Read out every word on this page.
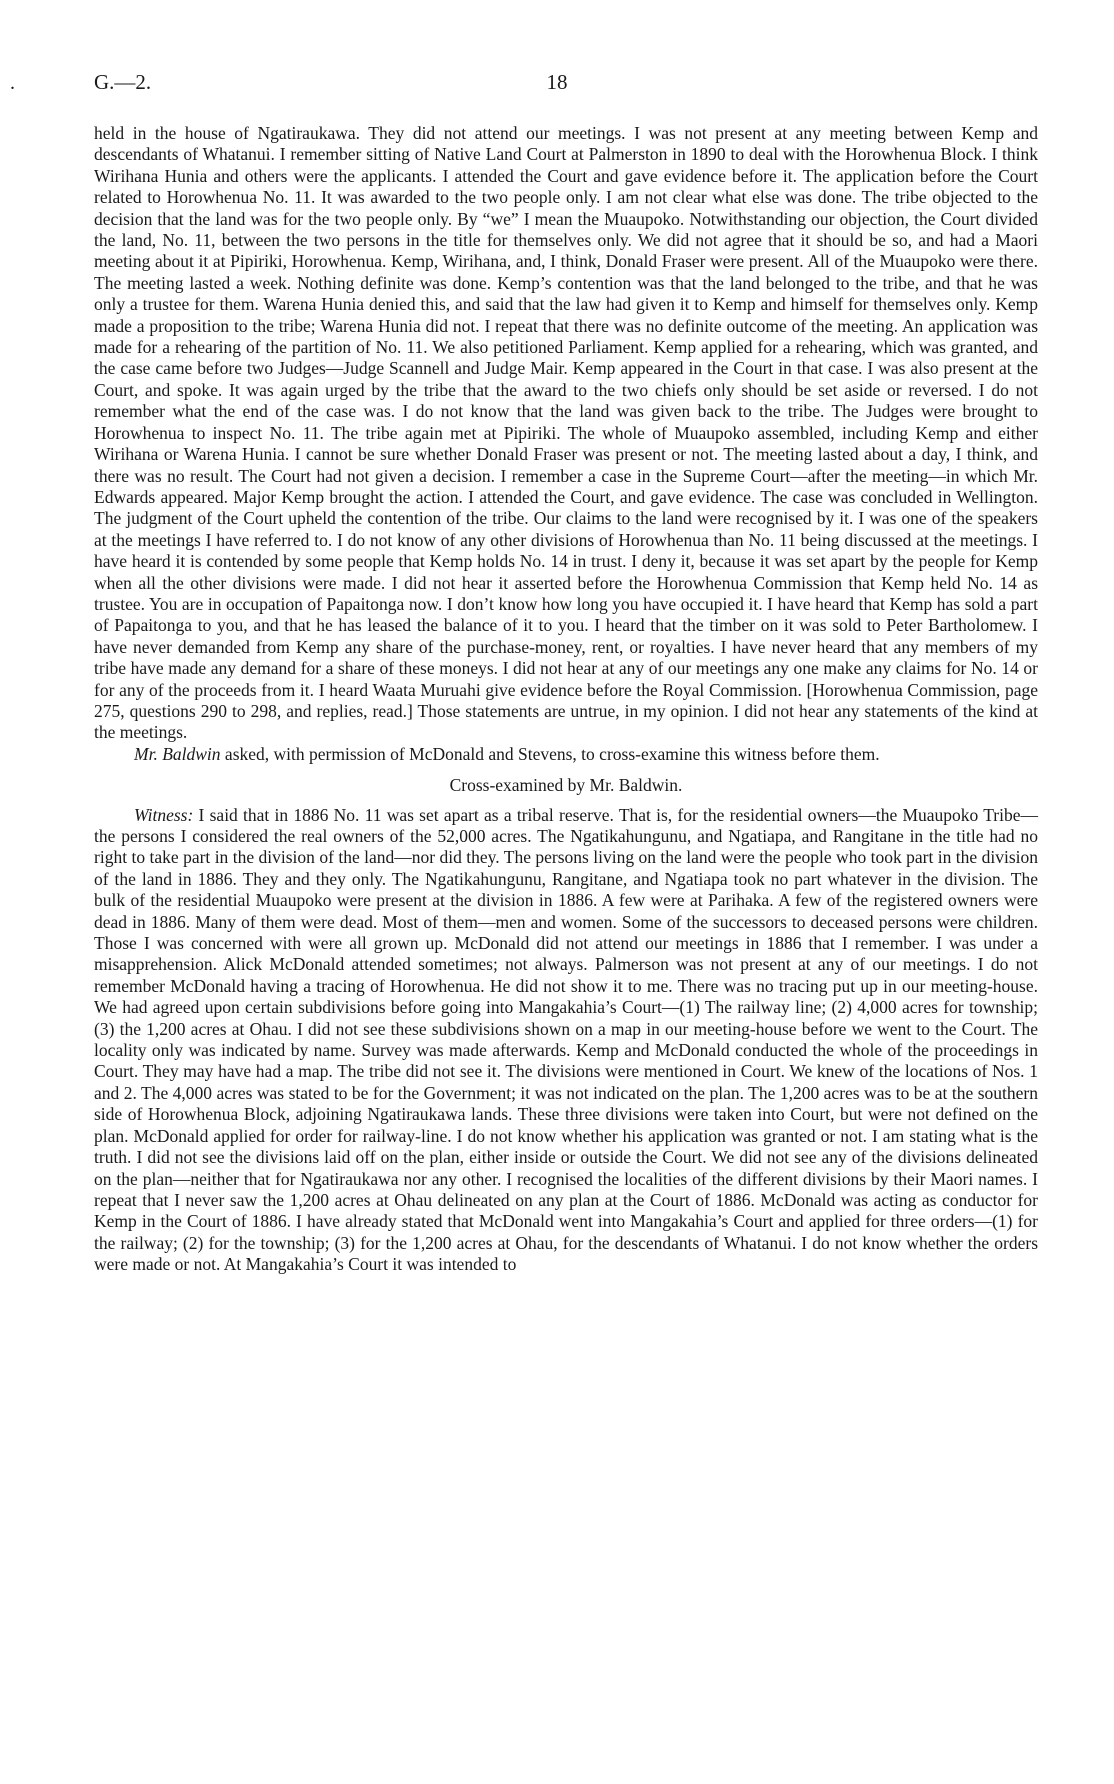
.	G.—2.	18

held in the house of Ngatiraukawa. They did not attend our meetings. I was not present at any meeting between Kemp and descendants of Whatanui. I remember sitting of Native Land Court at Palmerston in 1890 to deal with the Horowhenua Block. I think Wirihana Hunia and others were the applicants. I attended the Court and gave evidence before it. The application before the Court related to Horowhenua No. 11. It was awarded to the two people only. I am not clear what else was done. The tribe objected to the decision that the land was for the two people only. By “we” I mean the Muaupoko. Notwithstanding our objection, the Court divided the land, No. 11, between the two persons in the title for themselves only. We did not agree that it should be so, and had a Maori meeting about it at Pipiriki, Horowhenua. Kemp, Wirihana, and, I think, Donald Fraser were present. All of the Muaupoko were there. The meeting lasted a week. Nothing definite was done. Kemp’s contention was that the land belonged to the tribe, and that he was only a trustee for them. Warena Hunia denied this, and said that the law had given it to Kemp and himself for themselves only. Kemp made a proposition to the tribe; Warena Hunia did not. I repeat that there was no definite outcome of the meeting. An application was made for a rehearing of the partition of No. 11. We also petitioned Parliament. Kemp applied for a rehearing, which was granted, and the case came before two Judges—Judge Scannell and Judge Mair. Kemp appeared in the Court in that case. I was also present at the Court, and spoke. It was again urged by the tribe that the award to the two chiefs only should be set aside or reversed. I do not remember what the end of the case was. I do not know that the land was given back to the tribe. The Judges were brought to Horowhenua to inspect No. 11. The tribe again met at Pipiriki. The whole of Muaupoko assembled, including Kemp and either Wirihana or Warena Hunia. I cannot be sure whether Donald Fraser was present or not. The meeting lasted about a day, I think, and there was no result. The Court had not given a decision. I remember a case in the Supreme Court—after the meeting—in which Mr. Edwards appeared. Major Kemp brought the action. I attended the Court, and gave evidence. The case was concluded in Wellington. The judgment of the Court upheld the contention of the tribe. Our claims to the land were recognised by it. I was one of the speakers at the meetings I have referred to. I do not know of any other divisions of Horowhenua than No. 11 being discussed at the meetings. I have heard it is contended by some people that Kemp holds No. 14 in trust. I deny it, because it was set apart by the people for Kemp when all the other divisions were made. I did not hear it asserted before the Horowhenua Commission that Kemp held No. 14 as trustee. You are in occupation of Papaitonga now. I don’t know how long you have occupied it. I have heard that Kemp has sold a part of Papaitonga to you, and that he has leased the balance of it to you. I heard that the timber on it was sold to Peter Bartholomew. I have never demanded from Kemp any share of the purchase-money, rent, or royalties. I have never heard that any members of my tribe have made any demand for a share of these moneys. I did not hear at any of our meetings any one make any claims for No. 14 or for any of the proceeds from it. I heard Waata Muruahi give evidence before the Royal Commission. [Horowhenua Commission, page 275, questions 290 to 298, and replies, read.] Those statements are untrue, in my opinion. I did not hear any statements of the kind at the meetings.

Mr. Baldwin asked, with permission of McDonald and Stevens, to cross-examine this witness before them.

Cross-examined by Mr. Baldwin.

Witness: I said that in 1886 No. 11 was set apart as a tribal reserve. That is, for the residential owners—the Muaupoko Tribe—the persons I considered the real owners of the 52,000 acres. The Ngatikahungunu, and Ngatiapa, and Rangitane in the title had no right to take part in the division of the land—nor did they. The persons living on the land were the people who took part in the division of the land in 1886. They and they only. The Ngatikahungunu, Rangitane, and Ngatiapa took no part whatever in the division. The bulk of the residential Muaupoko were present at the division in 1886. A few were at Parihaka. A few of the registered owners were dead in 1886. Many of them were dead. Most of them—men and women. Some of the successors to deceased persons were children. Those I was concerned with were all grown up. McDonald did not attend our meetings in 1886 that I remember. I was under a misapprehension. Alick McDonald attended sometimes; not always. Palmerson was not present at any of our meetings. I do not remember McDonald having a tracing of Horowhenua. He did not show it to me. There was no tracing put up in our meeting-house. We had agreed upon certain subdivisions before going into Mangakahia’s Court—(1) The railway line; (2) 4,000 acres for township; (3) the 1,200 acres at Ohau. I did not see these subdivisions shown on a map in our meeting-house before we went to the Court. The locality only was indicated by name. Survey was made afterwards. Kemp and McDonald conducted the whole of the proceedings in Court. They may have had a map. The tribe did not see it. The divisions were mentioned in Court. We knew of the locations of Nos. 1 and 2. The 4,000 acres was stated to be for the Government; it was not indicated on the plan. The 1,200 acres was to be at the southern side of Horowhenua Block, adjoining Ngatiraukawa lands. These three divisions were taken into Court, but were not defined on the plan. McDonald applied for order for railway-line. I do not know whether his application was granted or not. I am stating what is the truth. I did not see the divisions laid off on the plan, either inside or outside the Court. We did not see any of the divisions delineated on the plan—neither that for Ngatiraukawa nor any other. I recognised the localities of the different divisions by their Maori names. I repeat that I never saw the 1,200 acres at Ohau delineated on any plan at the Court of 1886. McDonald was acting as conductor for Kemp in the Court of 1886. I have already stated that McDonald went into Mangakahia’s Court and applied for three orders—(1) for the railway; (2) for the township; (3) for the 1,200 acres at Ohau, for the descendants of Whatanui. I do not know whether the orders were made or not. At Mangakahia’s Court it was intended to
